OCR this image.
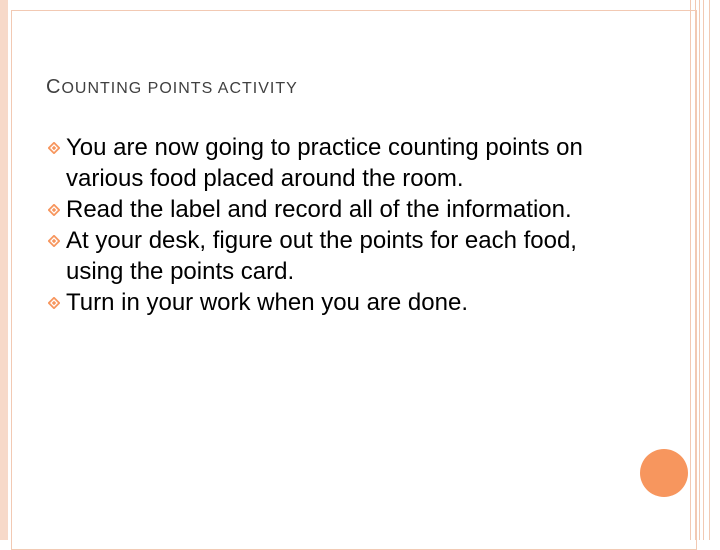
COUNTING POINTS ACTIVITY
You are now going to practice counting points on various food placed around the room.
Read the label and record all of the information.
At your desk, figure out the points for each food, using the points card.
Turn in your work when you are done.
